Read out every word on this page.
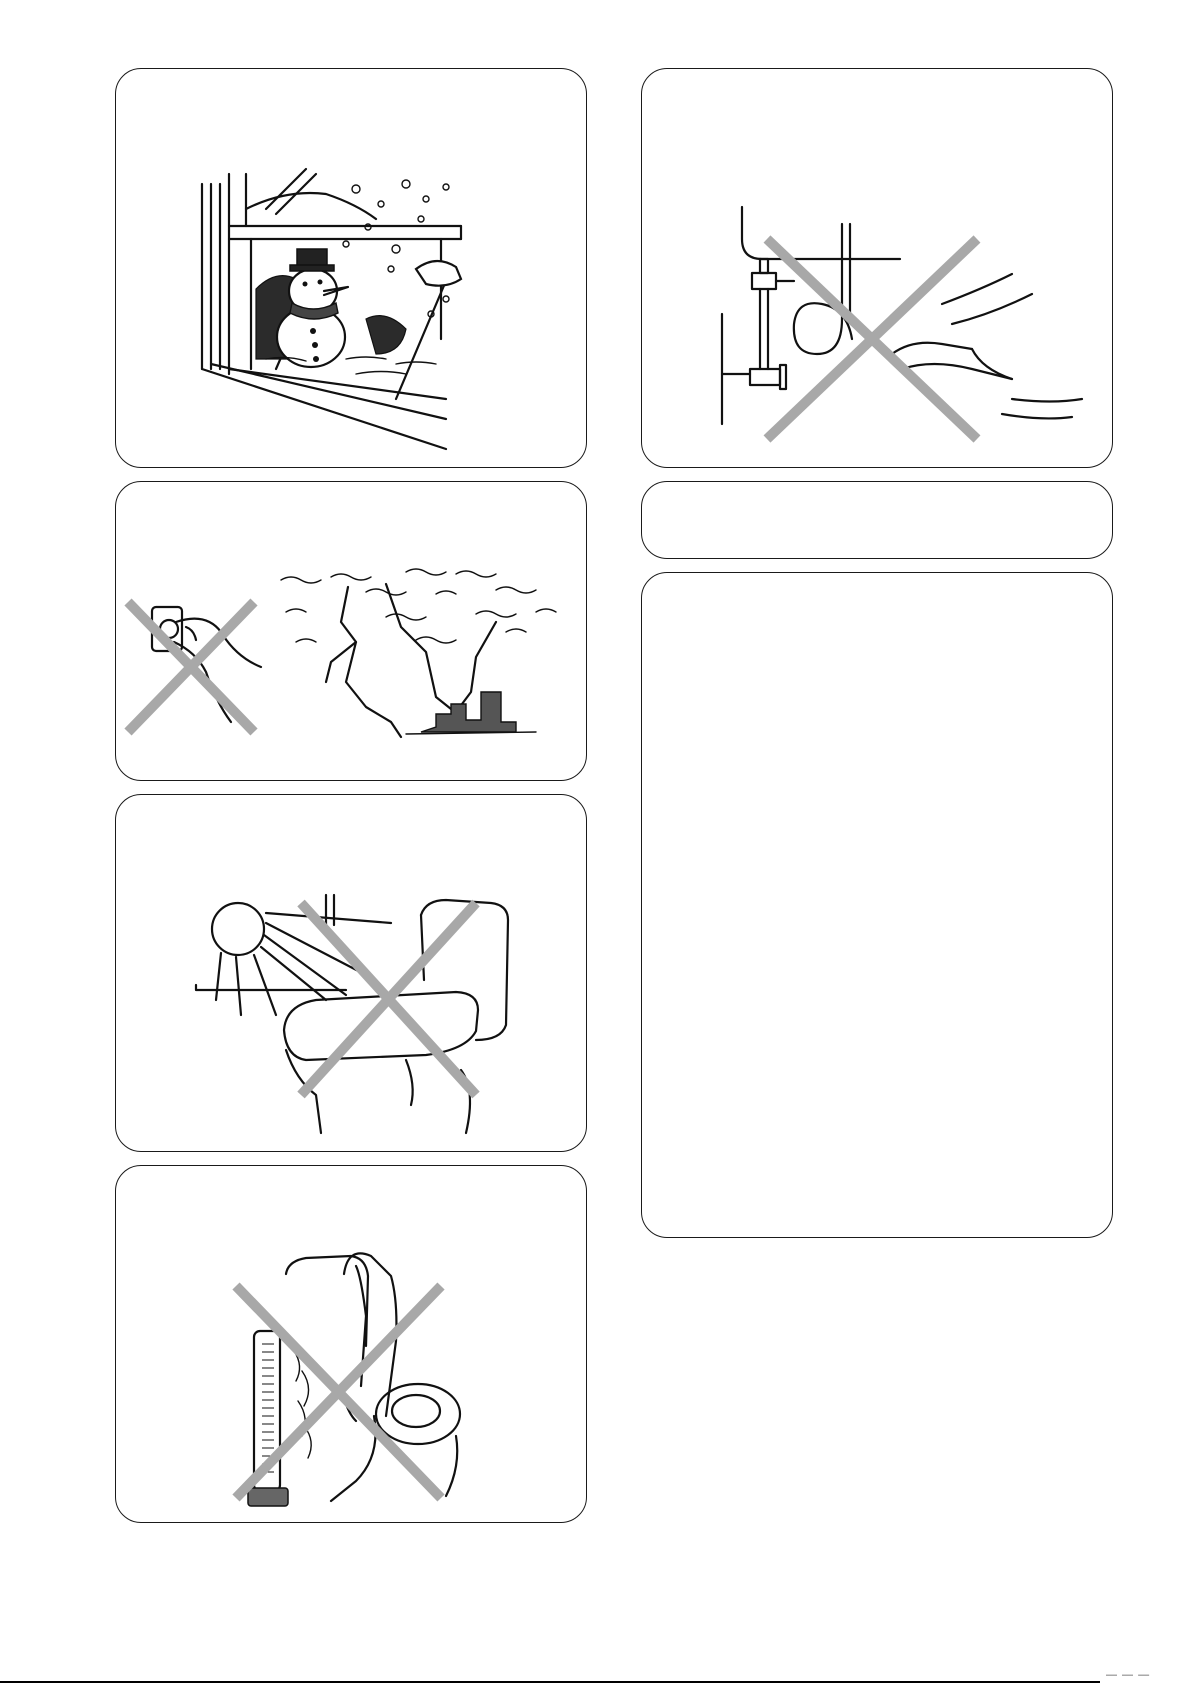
— — —
